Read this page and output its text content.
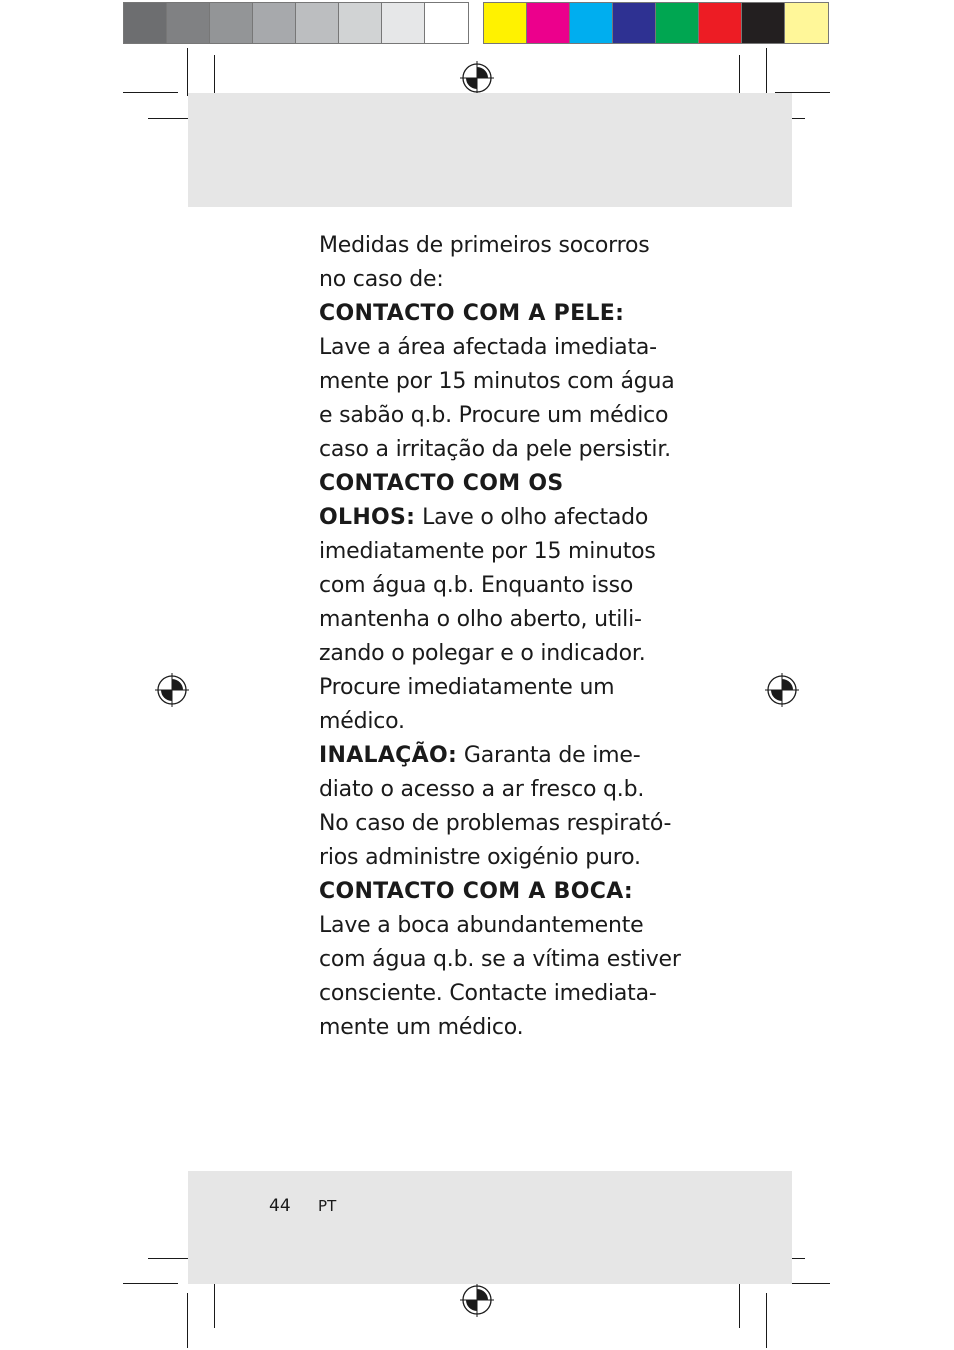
Medidas de primeiros socorros

no caso de:

CONTACTO COM A PELE:

Lave a área afectada imediata-

mente por 15 minutos com água

e sabão q.b. Procure um médico

caso a irritação da pele persistir.

CONTACTO COM OS

OLHOS: Lave o olho afectado

imediatamente por 15 minutos

com água q.b. Enquanto isso

mantenha o olho aberto, utili-

zando o polegar e o indicador.

Procure imediatamente um

médico.

INALAÇÃO: Garanta de ime-

diato o acesso a ar fresco q.b.

No caso de problemas respirató-

rios administre oxigénio puro.

CONTACTO COM A BOCA:

Lave a boca abundantemente

com água q.b. se a vítima estiver

consciente. Contacte imediata-

mente um médico.

44 PT
